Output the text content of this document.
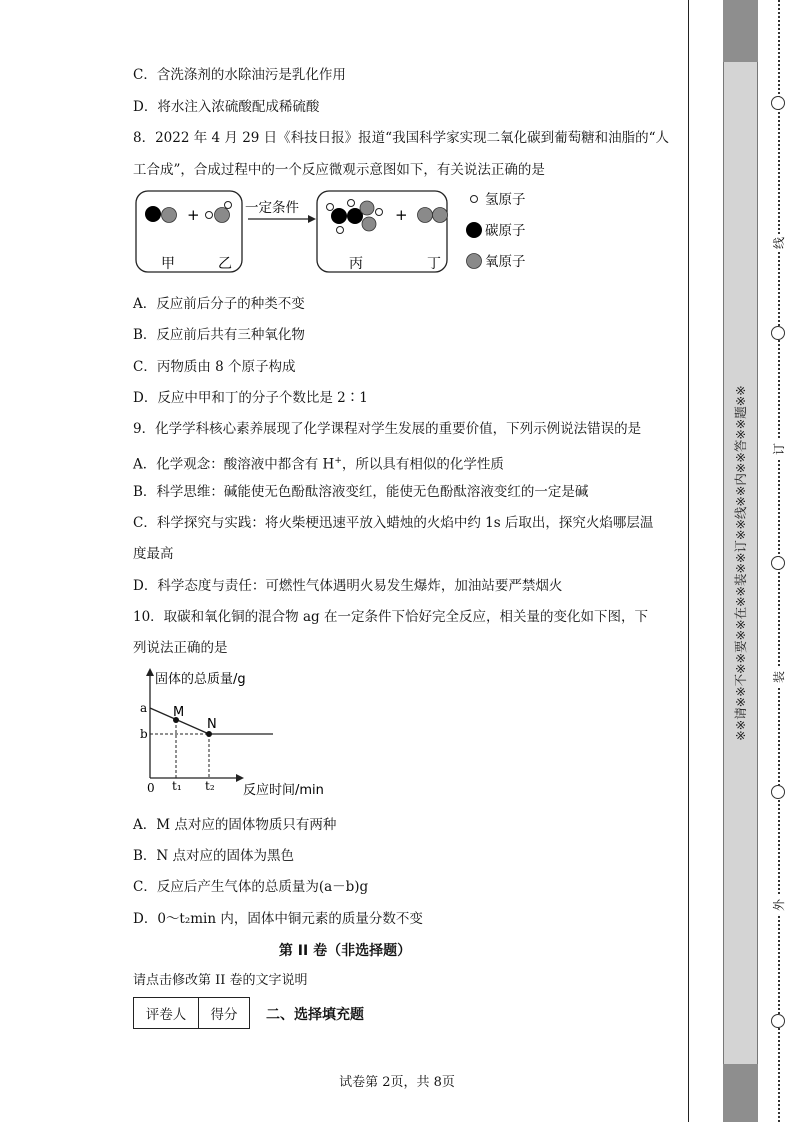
C．含洗涤剂的水除油污是乳化作用
D．将水注入浓硫酸配成稀硫酸
8．2022 年 4 月 29 日《科技日报》报道“我国科学家实现二氧化碳到葡萄糖和油脂的“人
工合成”，合成过程中的一个反应微观示意图如下，有关说法正确的是
+
甲	乙
一定条件	+
丙	丁
氢原子
碳原子
氧原子
A．反应前后分子的种类不变
B．反应前后共有三种氧化物
C．丙物质由 8 个原子构成
D．反应中甲和丁的分子个数比是 2∶1
9．化学学科核心素养展现了化学课程对学生发展的重要价值，下列示例说法错误的是
A．化学观念：酸溶液中都含有 H+，所以具有相似的化学性质
B．科学思维：碱能使无色酚酞溶液变红，能使无色酚酞溶液变红的一定是碱
C．科学探究与实践：将火柴梗迅速平放入蜡烛的火焰中约 1s 后取出，探究火焰哪层温
度最高
D．科学态度与责任：可燃性气体遇明火易发生爆炸，加油站要严禁烟火
10．取碳和氧化铜的混合物 ag 在一定条件下恰好完全反应，相关量的变化如下图，下
列说法正确的是
固体的总质量/g
反应时间/min
0
a
b
t₁ t₂
M
N
A．M 点对应的固体物质只有两种
B．N 点对应的固体为黑色
C．反应后产生气体的总质量为(a－b)g
D．0～t₂min 内，固体中铜元素的质量分数不变
第 II 卷（非选择题）
请点击修改第 II 卷的文字说明
评卷人	得分 二、选择填充题
试卷第 2页，共 8页
※※请※※不※※要※※在※※装※※订※※线※※内※※答※※题※※
线
订
装
外
